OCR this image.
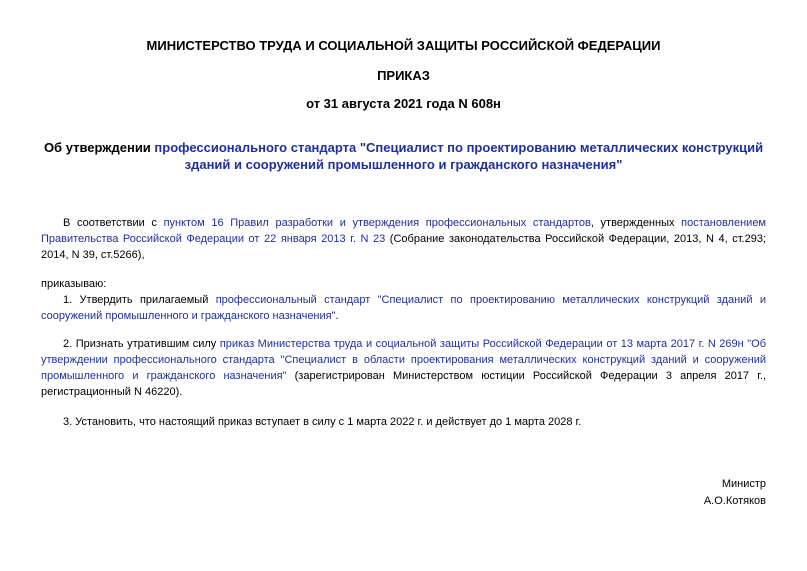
МИНИСТЕРСТВО ТРУДА И СОЦИАЛЬНОЙ ЗАЩИТЫ РОССИЙСКОЙ ФЕДЕРАЦИИ
ПРИКАЗ
от 31 августа 2021 года N 608н
Об утверждении профессионального стандарта "Специалист по проектированию металлических конструкций зданий и сооружений промышленного и гражданского назначения"
В соответствии с пунктом 16 Правил разработки и утверждения профессиональных стандартов, утвержденных постановлением Правительства Российской Федерации от 22 января 2013 г. N 23 (Собрание законодательства Российской Федерации, 2013, N 4, ст.293; 2014, N 39, ст.5266),
приказываю:
1. Утвердить прилагаемый профессиональный стандарт "Специалист по проектированию металлических конструкций зданий и сооружений промышленного и гражданского назначения".
2. Признать утратившим силу приказ Министерства труда и социальной защиты Российской Федерации от 13 марта 2017 г. N 269н "Об утверждении профессионального стандарта "Специалист в области проектирования металлических конструкций зданий и сооружений промышленного и гражданского назначения" (зарегистрирован Министерством юстиции Российской Федерации 3 апреля 2017 г., регистрационный N 46220).
3. Установить, что настоящий приказ вступает в силу с 1 марта 2022 г. и действует до 1 марта 2028 г.
Министр
А.О.Котяков
